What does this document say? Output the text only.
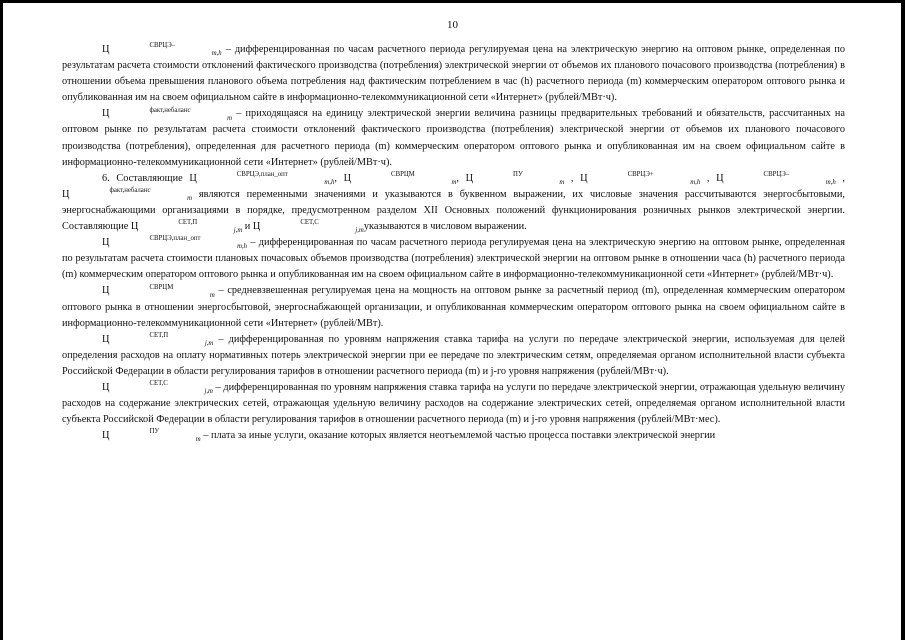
10

Ц	СВРЦЭ–m,h – дифференцированная по часам расчетного периода регулируемая цена на электрическую энергию на оптовом рынке, определенная по результатам расчета стоимости отклонений фактического производства (потребления) электрической энергии от объемов их планового почасового производства (потребления) в отношении объема превышения планового объема потребления над фактическим потреблением в час (h) расчетного периода (m) коммерческим оператором оптового рынка и опубликованная им на своем официальном сайте в информационно-телекоммуникационной сети «Интернет» (рублей/МВт·ч).

Ц	факт,небалансm – приходящаяся на единицу электрической энергии величина разницы предварительных требований и обязательств, рассчитанных на оптовом рынке по результатам расчета стоимости отклонений фактического производства (потребления) электрической энергии от объемов их планового почасового производства (потребления), определенная для расчетного периода (m) коммерческим оператором оптового рынка и опубликованная им на своем официальном сайте в информационно-телекоммуникационной сети «Интернет» (рублей/МВт·ч).

6. Составляющие Ц	СВРЦЭ,план_оптm,h, Ц	СВРЦМm, Ц	ПУm , Ц	СВРЦЭ+m,h , Ц	СВРЦЭ–m,h , Ц	факт,небалансm являются переменными значениями и указываются в буквенном выражении, их числовые значения рассчитываются энергосбытовыми, энергоснабжающими организациями в порядке, предусмотренном разделом XII Основных положений функционирования розничных рынков электрической энергии. Составляющие Ц	СЕТ,Пj,m и Ц	СЕТ,Сj,mуказываются в числовом выражении.

Ц	СВРЦЭ,план_оптm,h – дифференцированная по часам расчетного периода регулируемая цена на электрическую энергию на оптовом рынке, определенная по результатам расчета стоимости плановых почасовых объемов производства (потребления) электрической энергии на оптовом рынке в отношении часа (h) расчетного периода (m) коммерческим оператором оптового рынка и опубликованная им на своем официальном сайте в информационно-телекоммуникационной сети «Интернет» (рублей/МВт·ч).

Ц	СВРЦМm – средневзвешенная регулируемая цена на мощность на оптовом рынке за расчетный период (m), определенная коммерческим оператором оптового рынка в отношении энергосбытовой, энергоснабжающей организации, и опубликованная коммерческим оператором оптового рынка на своем официальном сайте в информационно-телекоммуникационной сети «Интернет» (рублей/МВт).

Ц	СЕТ,Пj,m – дифференцированная по уровням напряжения ставка тарифа на услуги по передаче электрической энергии, используемая для целей определения расходов на оплату нормативных потерь электрической энергии при ее передаче по электрическим сетям, определяемая органом исполнительной власти субъекта Российской Федерации в области регулирования тарифов в отношении расчетного периода (m) и j-го уровня напряжения (рублей/МВт·ч).

Ц	СЕТ,Сj,m – дифференцированная по уровням напряжения ставка тарифа на услуги по передаче электрической энергии, отражающая удельную величину расходов на содержание электрических сетей, отражающая удельную величину расходов на содержание электрических сетей, определяемая органом исполнительной власти субъекта Российской Федерации в области регулирования тарифов в отношении расчетного периода (m) и j-го уровня напряжения (рублей/МВт·мес).

Ц	ПУm – плата за иные услуги, оказание которых является неотъемлемой частью процесса поставки электрической энергии
